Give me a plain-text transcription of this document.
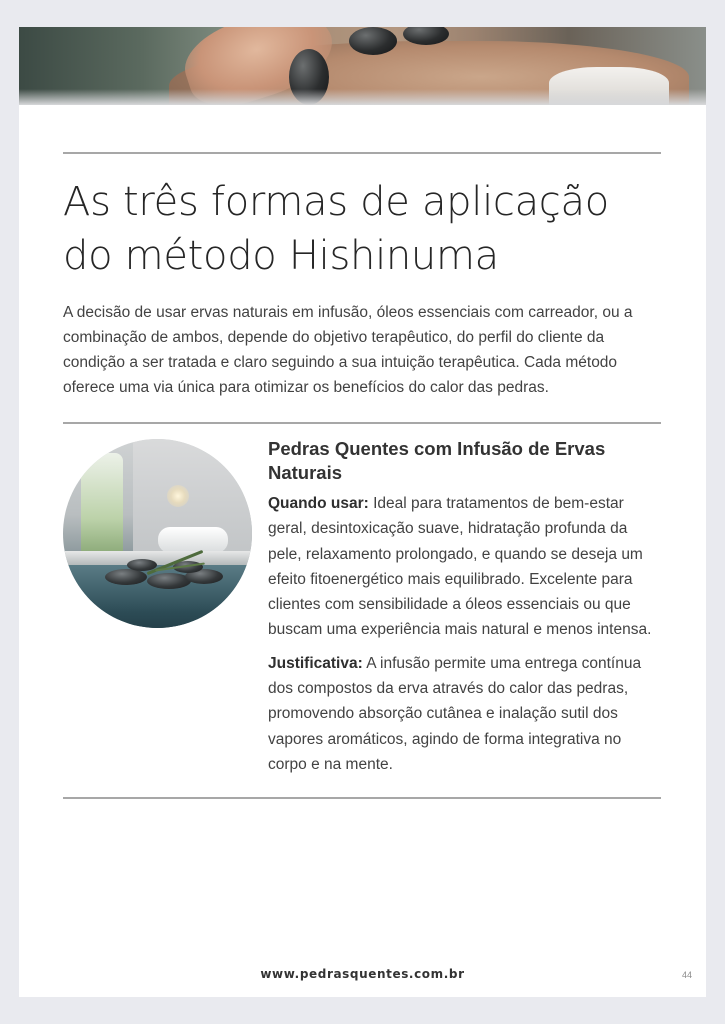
As três formas de aplicação do método Hishinuma

A decisão de usar ervas naturais em infusão, óleos essenciais com carreador, ou a combinação de ambos, depende do objetivo terapêutico, do perfil do cliente da condição a ser tratada e claro seguindo a sua intuição terapêutica. Cada método oferece uma via única para otimizar os benefícios do calor das pedras.

Pedras Quentes com Infusão de Ervas Naturais

Quando usar: Ideal para tratamentos de bem-estar geral, desintoxicação suave, hidratação profunda da pele, relaxamento prolongado, e quando se deseja um efeito fitoenergético mais equilibrado. Excelente para clientes com sensibilidade a óleos essenciais ou que buscam uma experiência mais natural e menos intensa.

Justificativa: A infusão permite uma entrega contínua dos compostos da erva através do calor das pedras, promovendo absorção cutânea e inalação sutil dos vapores aromáticos, agindo de forma integrativa no corpo e na mente.

www.pedrasquentes.com.br	44
